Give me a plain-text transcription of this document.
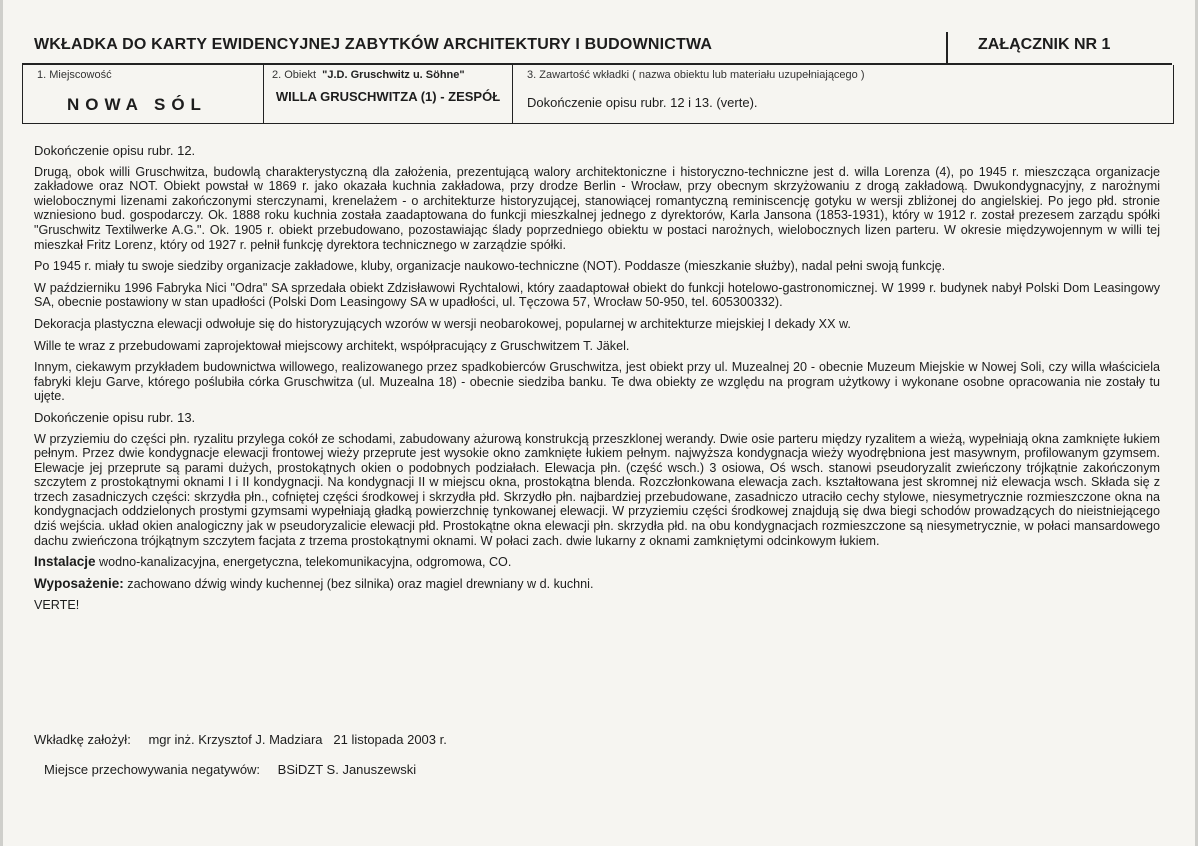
WKŁADKA DO KARTY EWIDENCYJNEJ ZABYTKÓW ARCHITEKTURY I BUDOWNICTWA	ZAŁĄCZNIK NR 1
1. Miejscowość
NOWA SÓL
2. Obiekt "J.D. Gruschwitz u. Söhne"
WILLA GRUSCHWITZA (1) - ZESPÓŁ
3. Zawartość wkładki ( nazwa obiektu lub materiału uzupełniającego )
Dokończenie opisu rubr. 12 i 13. (verte).

Dokończenie opisu rubr. 12.

Drugą, obok willi Gruschwitza, budowlą charakterystyczną dla założenia, prezentującą walory architektoniczne i historyczno-techniczne jest d. willa Lorenza (4), po 1945 r. mieszcząca organizacje zakładowe oraz NOT. Obiekt powstał w 1869 r. jako okazała kuchnia zakładowa, przy drodze Berlin - Wrocław, przy obecnym skrzyżowaniu z drogą zakładową. Dwukondygnacyjny, z narożnymi wielobocznymi lizenami zakończonymi sterczynami, krenelażem - o architekturze historyzującej, stanowiącej romantyczną reminiscencję gotyku w wersji zbliżonej do angielskiej. Po jego płd. stronie wzniesiono bud. gospodarczy. Ok. 1888 roku kuchnia została zaadaptowana do funkcji mieszkalnej jednego z dyrektorów, Karla Jansona (1853-1931), który w 1912 r. został prezesem zarządu spółki "Gruschwitz Textilwerke A.G.". Ok. 1905 r. obiekt przebudowano, pozostawiając ślady poprzedniego obiektu w postaci narożnych, wielobocznych lizen parteru. W okresie międzywojennym w willi tej mieszkał Fritz Lorenz, który od 1927 r. pełnił funkcję dyrektora technicznego w zarządzie spółki.

Po 1945 r. miały tu swoje siedziby organizacje zakładowe, kluby, organizacje naukowo-techniczne (NOT). Poddasze (mieszkanie służby), nadal pełni swoją funkcję.

W październiku 1996 Fabryka Nici "Odra" SA sprzedała obiekt Zdzisławowi Rychtalowi, który zaadaptował obiekt do funkcji hotelowo-gastronomicznej. W 1999 r. budynek nabył Polski Dom Leasingowy SA, obecnie postawiony w stan upadłości (Polski Dom Leasingowy SA w upadłości, ul. Tęczowa 57, Wrocław 50-950, tel. 605300332).

Dekoracja plastyczna elewacji odwołuje się do historyzujących wzorów w wersji neobarokowej, popularnej w architekturze miejskiej I dekady XX w.

Wille te wraz z przebudowami zaprojektował miejscowy architekt, współpracujący z Gruschwitzem T. Jäkel.

Innym, ciekawym przykładem budownictwa willowego, realizowanego przez spadkobierców Gruschwitza, jest obiekt przy ul. Muzealnej 20 - obecnie Muzeum Miejskie w Nowej Soli, czy willa właściciela fabryki kleju Garve, którego poślubiła córka Gruschwitza (ul. Muzealna 18) - obecnie siedziba banku. Te dwa obiekty ze względu na program użytkowy i wykonane osobne opracowania nie zostały tu ujęte.

Dokończenie opisu rubr. 13.

W przyziemiu do części płn. ryzalitu przylega cokół ze schodami, zabudowany ażurową konstrukcją przeszklonej werandy. Dwie osie parteru między ryzalitem a wieżą, wypełniają okna zamknięte łukiem pełnym. Przez dwie kondygnacje elewacji frontowej wieży przeprute jest wysokie okno zamknięte łukiem pełnym. najwyższa kondygnacja wieży wyodrębniona jest masywnym, profilowanym gzymsem. Elewacje jej przeprute są parami dużych, prostokątnych okien o podobnych podziałach. Elewacja płn. (część wsch.) 3 osiowa, Oś wsch. stanowi pseudoryzalit zwieńczony trójkątnie zakończonym szczytem z prostokątnymi oknami I i II kondygnacji. Na kondygnacji II w miejscu okna, prostokątna blenda. Rozczłonkowana elewacja zach. kształtowana jest skromnej niż elewacja wsch. Składa się z trzech zasadniczych części: skrzydła płn., cofniętej części środkowej i skrzydła płd. Skrzydło płn. najbardziej przebudowane, zasadniczo utraciło cechy stylowe, niesymetrycznie rozmieszczone okna na kondygnacjach oddzielonych prostymi gzymsami wypełniają gładką powierzchnię tynkowanej elewacji. W przyziemiu części środkowej znajdują się dwa biegi schodów prowadzących do nieistniejącego dziś wejścia. układ okien analogiczny jak w pseudoryzalicie elewacji płd. Prostokątne okna elewacji płn. skrzydła płd. na obu kondygnacjach rozmieszczone są niesymetrycznie, w połaci mansardowego dachu zwieńczona trójkątnym szczytem facjata z trzema prostokątnymi oknami. W połaci zach. dwie lukarny z oknami zamkniętymi odcinkowym łukiem.

Instalacje wodno-kanalizacyjna, energetyczna, telekomunikacyjna, odgromowa, CO.

Wyposażenie: zachowano dźwig windy kuchennej (bez silnika) oraz magiel drewniany w d. kuchni.

VERTE!

Wkładkę założył: mgr inż. Krzysztof J. Madziara   21 listopada 2003 r.
Miejsce przechowywania negatywów: BSiDZT S. Januszewski
